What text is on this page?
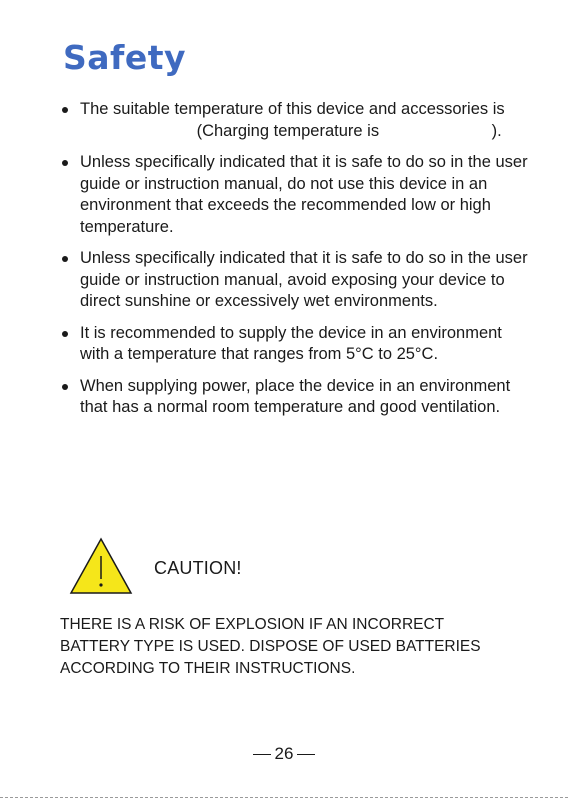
Safety
The suitable temperature of this device and accessories is  (Charging temperature is	).
Unless specifically indicated that it is safe to do so in the user guide or instruction manual, do not use this device in an environment that exceeds the recommended low or high temperature.
Unless specifically indicated that it is safe to do so in the user guide or instruction manual, avoid exposing your device to direct sunshine or excessively wet environments.
It is recommended to supply the device in an environment with a temperature that ranges from 5°C to 25°C.
When supplying power, place the device in an environment that has a normal room temperature and good ventilation.
CAUTION!
THERE IS A RISK OF EXPLOSION IF AN INCORRECT BATTERY TYPE IS USED. DISPOSE OF USED BATTERIES ACCORDING TO THEIR INSTRUCTIONS.
26
